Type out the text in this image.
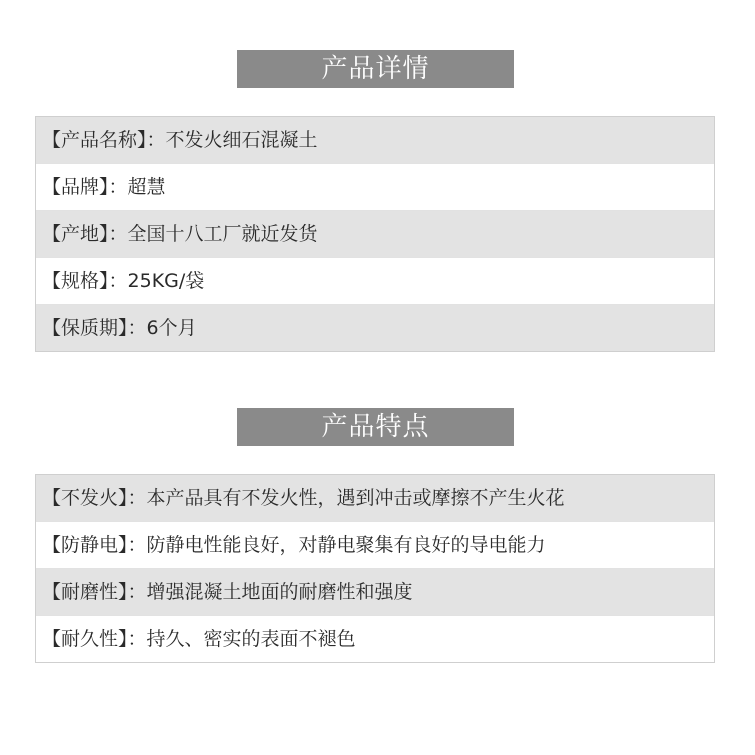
产品详情
【产品名称】：不发火细石混凝土
【品牌】：超慧
【产地】：全国十八工厂就近发货
【规格】：25KG/袋
【保质期】：6个月
产品特点
【不发火】：本产品具有不发火性，遇到冲击或摩擦不产生火花
【防静电】：防静电性能良好，对静电聚集有良好的导电能力
【耐磨性】：增强混凝土地面的耐磨性和强度
【耐久性】：持久、密实的表面不褪色
